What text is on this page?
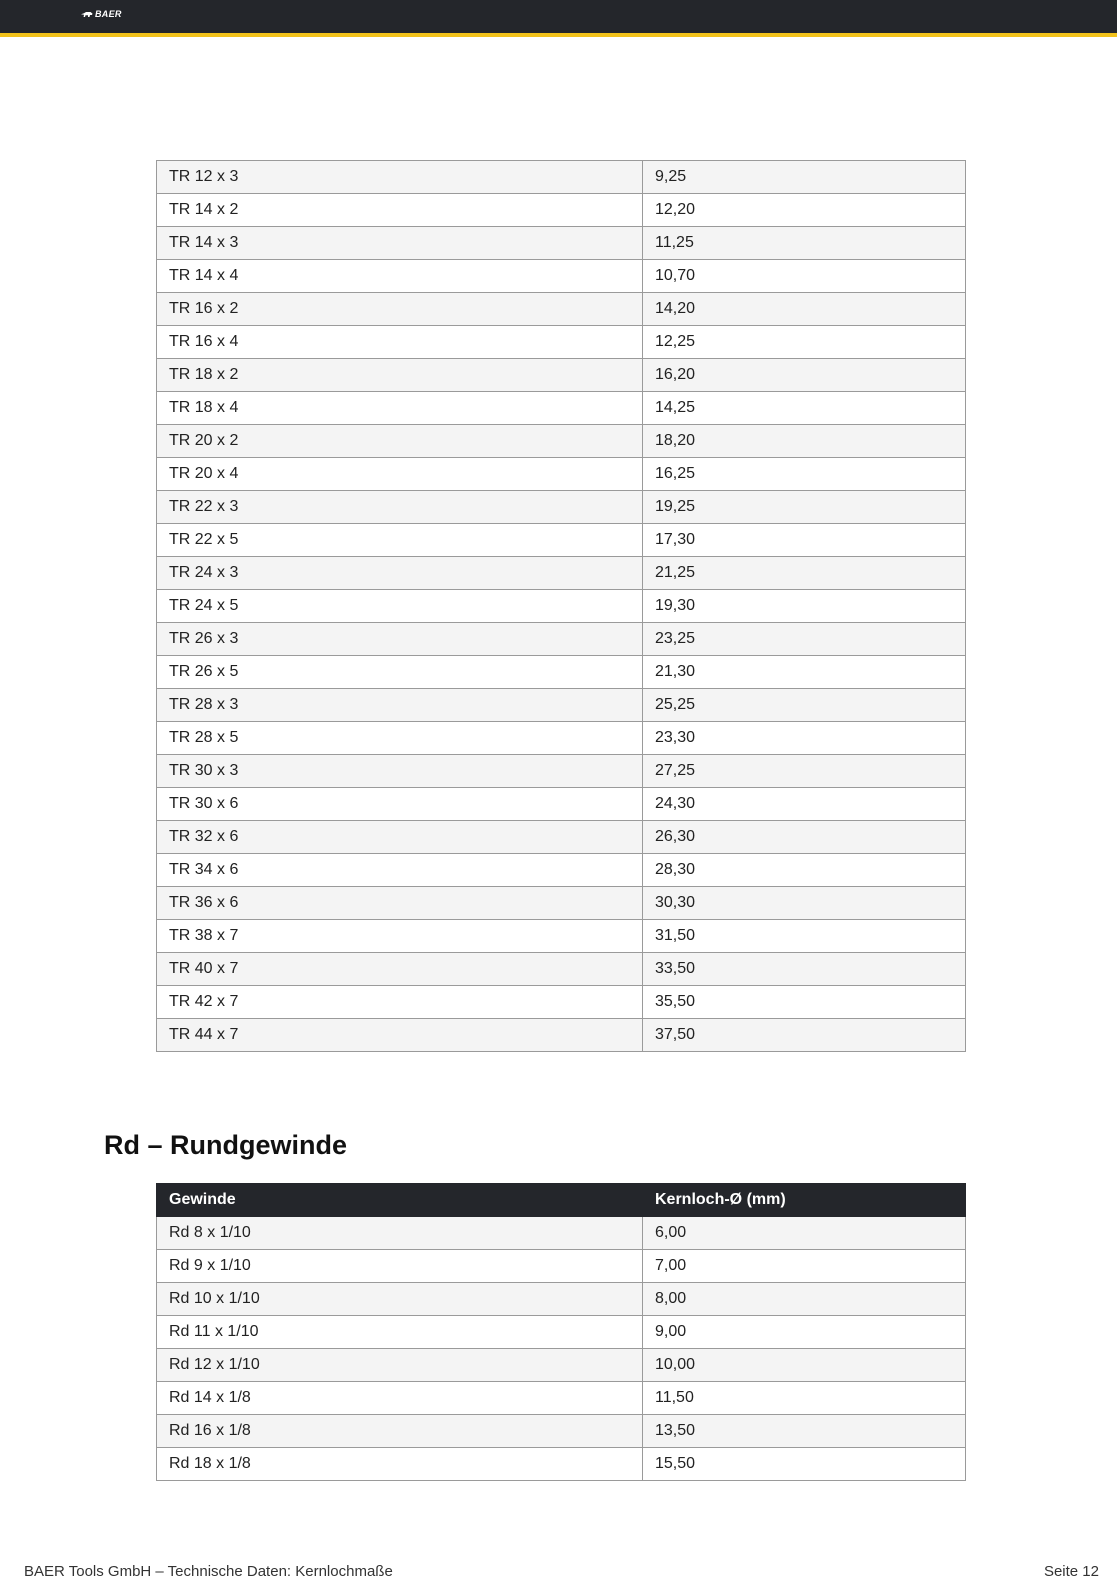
BAER
TR 12 x 3	9,25
TR 14 x 2	12,20
TR 14 x 3	11,25
TR 14 x 4	10,70
TR 16 x 2	14,20
TR 16 x 4	12,25
TR 18 x 2	16,20
TR 18 x 4	14,25
TR 20 x 2	18,20
TR 20 x 4	16,25
TR 22 x 3	19,25
TR 22 x 5	17,30
TR 24 x 3	21,25
TR 24 x 5	19,30
TR 26 x 3	23,25
TR 26 x 5	21,30
TR 28 x 3	25,25
TR 28 x 5	23,30
TR 30 x 3	27,25
TR 30 x 6	24,30
TR 32 x 6	26,30
TR 34 x 6	28,30
TR 36 x 6	30,30
TR 38 x 7	31,50
TR 40 x 7	33,50
TR 42 x 7	35,50
TR 44 x 7	37,50
Rd – Rundgewinde
Gewinde	Kernloch-Ø (mm)
Rd 8 x 1/10	6,00
Rd 9 x 1/10	7,00
Rd 10 x 1/10	8,00
Rd 11 x 1/10	9,00
Rd 12 x 1/10	10,00
Rd 14 x 1/8	11,50
Rd 16 x 1/8	13,50
Rd 18 x 1/8	15,50
BAER Tools GmbH – Technische Daten: Kernlochmaße	Seite 12
